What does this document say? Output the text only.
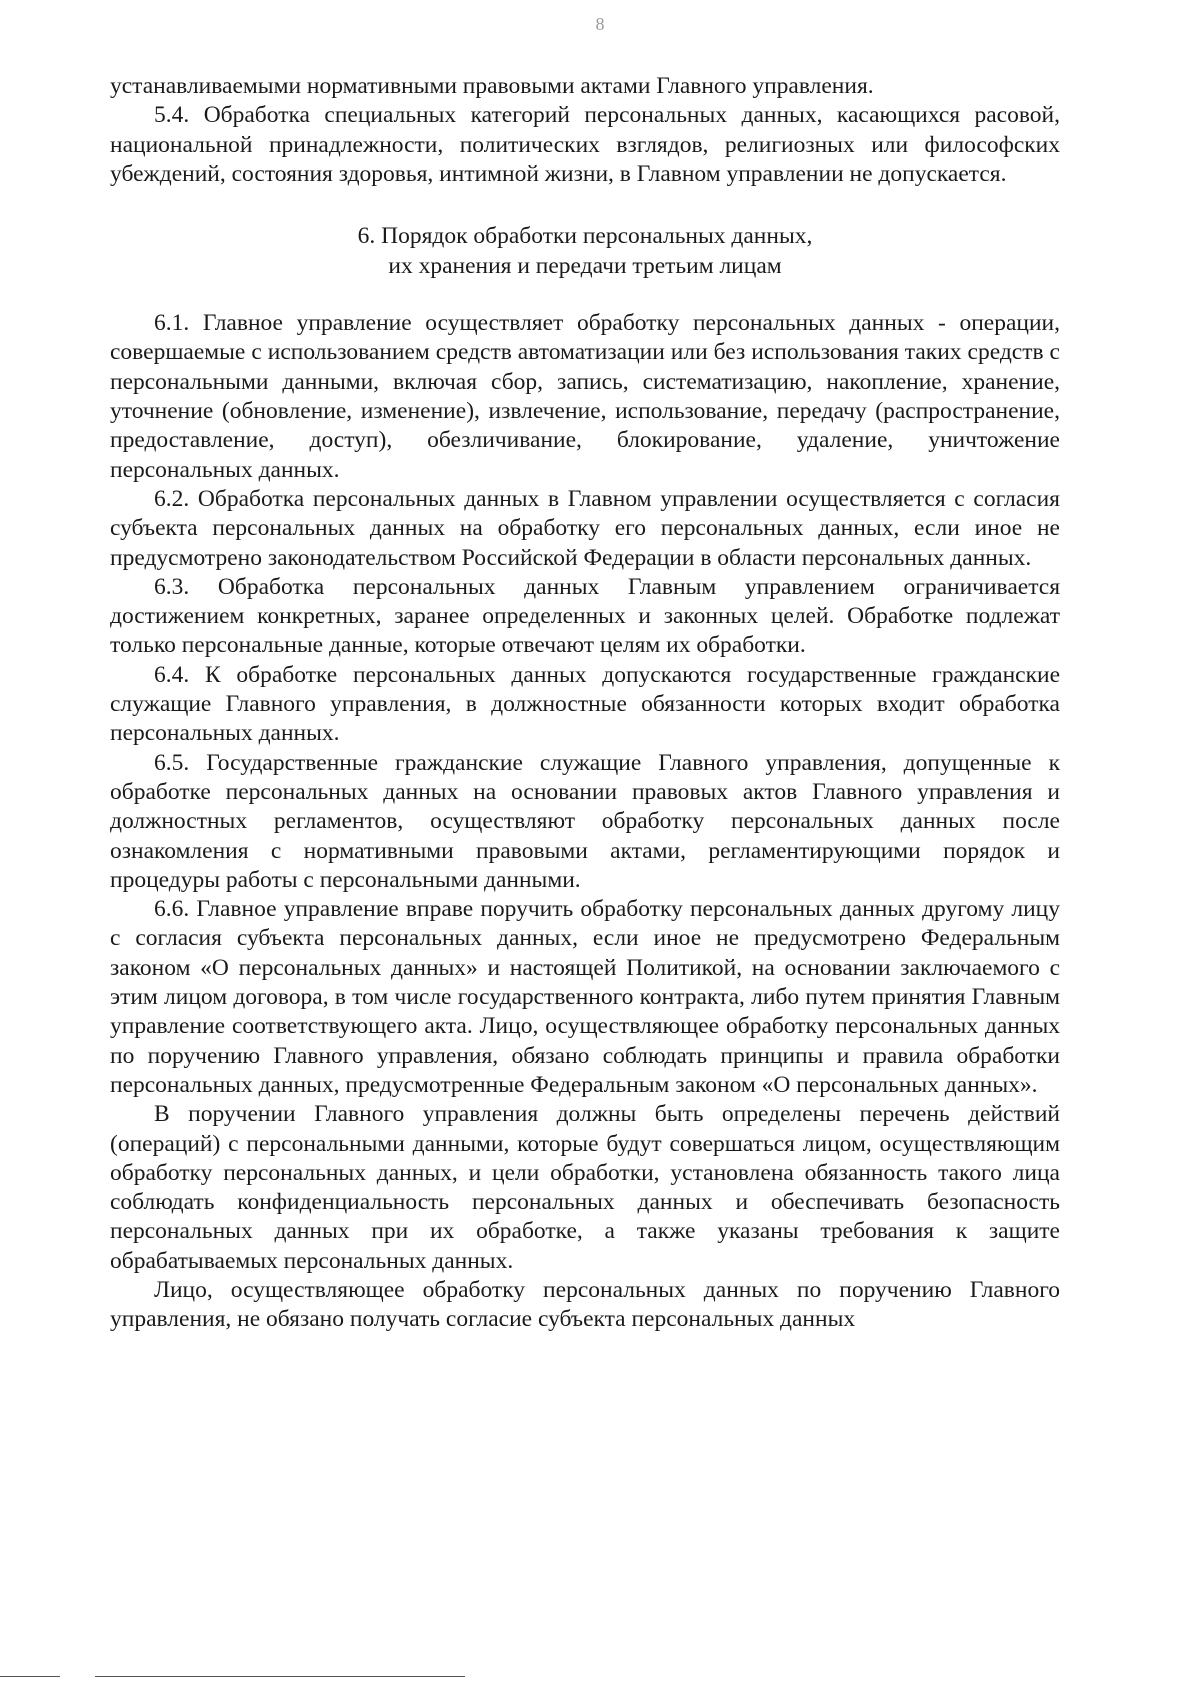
8

устанавливаемыми нормативными правовыми актами Главного управления.

5.4. Обработка специальных категорий персональных данных, касающихся расовой, национальной принадлежности, политических взглядов, религиозных или философских убеждений, состояния здоровья, интимной жизни, в Главном управлении не допускается.

6. Порядок обработки персональных данных,
их хранения и передачи третьим лицам

6.1. Главное управление осуществляет обработку персональных данных - операции, совершаемые с использованием средств автоматизации или без использования таких средств с персональными данными, включая сбор, запись, систематизацию, накопление, хранение, уточнение (обновление, изменение), извлечение, использование, передачу (распространение, предоставление, доступ), обезличивание, блокирование, удаление, уничтожение персональных данных.

6.2. Обработка персональных данных в Главном управлении осуществляется с согласия субъекта персональных данных на обработку его персональных данных, если иное не предусмотрено законодательством Российской Федерации в области персональных данных.

6.3. Обработка персональных данных Главным управлением ограничивается достижением конкретных, заранее определенных и законных целей. Обработке подлежат только персональные данные, которые отвечают целям их обработки.

6.4. К обработке персональных данных допускаются государственные гражданские служащие Главного управления, в должностные обязанности которых входит обработка персональных данных.

6.5. Государственные гражданские служащие Главного управления, допущенные к обработке персональных данных на основании правовых актов Главного управления и должностных регламентов, осуществляют обработку персональных данных после ознакомления с нормативными правовыми актами, регламентирующими порядок и процедуры работы с персональными данными.

6.6. Главное управление вправе поручить обработку персональных данных другому лицу с согласия субъекта персональных данных, если иное не предусмотрено Федеральным законом «О персональных данных» и настоящей Политикой, на основании заключаемого с этим лицом договора, в том числе государственного контракта, либо путем принятия Главным управление соответствующего акта. Лицо, осуществляющее обработку персональных данных по поручению Главного управления, обязано соблюдать принципы и правила обработки персональных данных, предусмотренные Федеральным законом «О персональных данных».

В поручении Главного управления должны быть определены перечень действий (операций) с персональными данными, которые будут совершаться лицом, осуществляющим обработку персональных данных, и цели обработки, установлена обязанность такого лица соблюдать конфиденциальность персональных данных и обеспечивать безопасность персональных данных при их обработке, а также указаны требования к защите обрабатываемых персональных данных.

Лицо, осуществляющее обработку персональных данных по поручению Главного управления, не обязано получать согласие субъекта персональных данных
